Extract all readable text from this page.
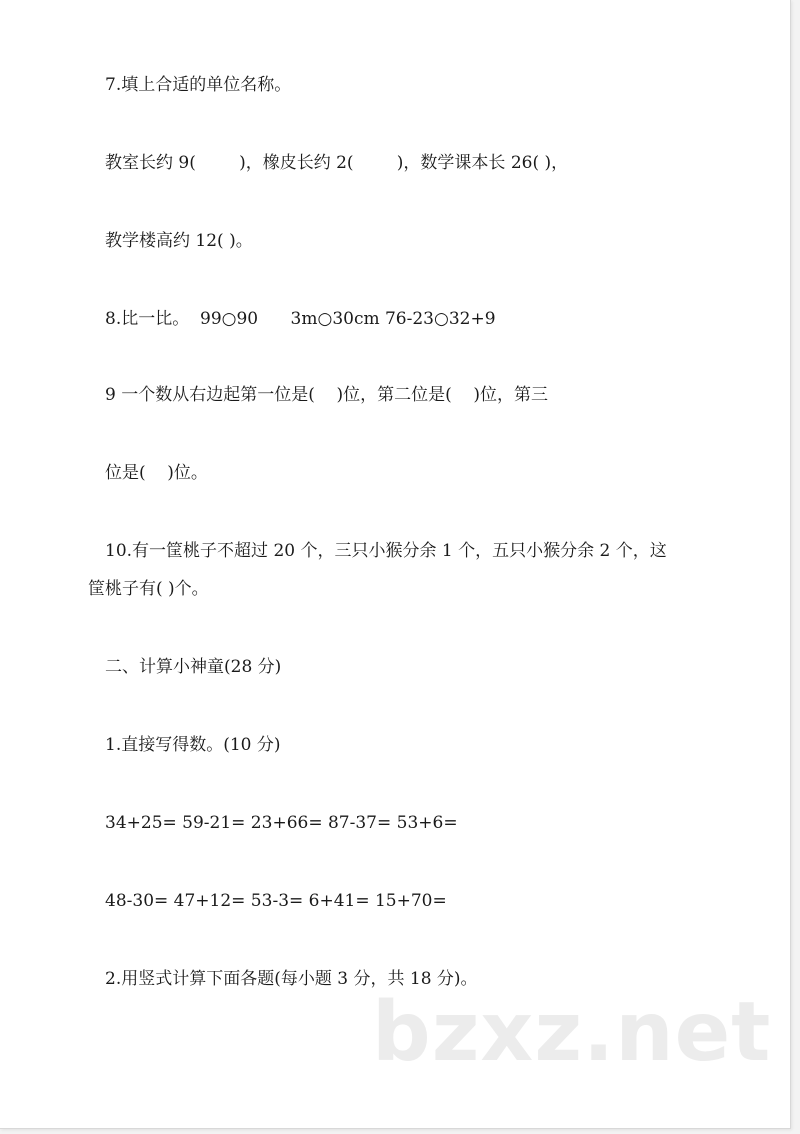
7.填上合适的单位名称。

教室长约 9(        )，橡皮长约 2(        )，数学课本长 26( )，

教学楼高约 12( )。

8.比一比。  99○90      3m○30cm 76-23○32+9

9 一个数从右边起第一位是(    )位，第二位是(    )位，第三

位是(    )位。

10.有一筐桃子不超过 20 个，三只小猴分余 1 个，五只小猴分余 2 个，这

筐桃子有( )个。

二、计算小神童(28 分)

1.直接写得数。(10 分)

34+25= 59-21= 23+66= 87-37= 53+6=

48-30= 47+12= 53-3= 6+41= 15+70=

2.用竖式计算下面各题(每小题 3 分，共 18 分)。

bzxz.net
